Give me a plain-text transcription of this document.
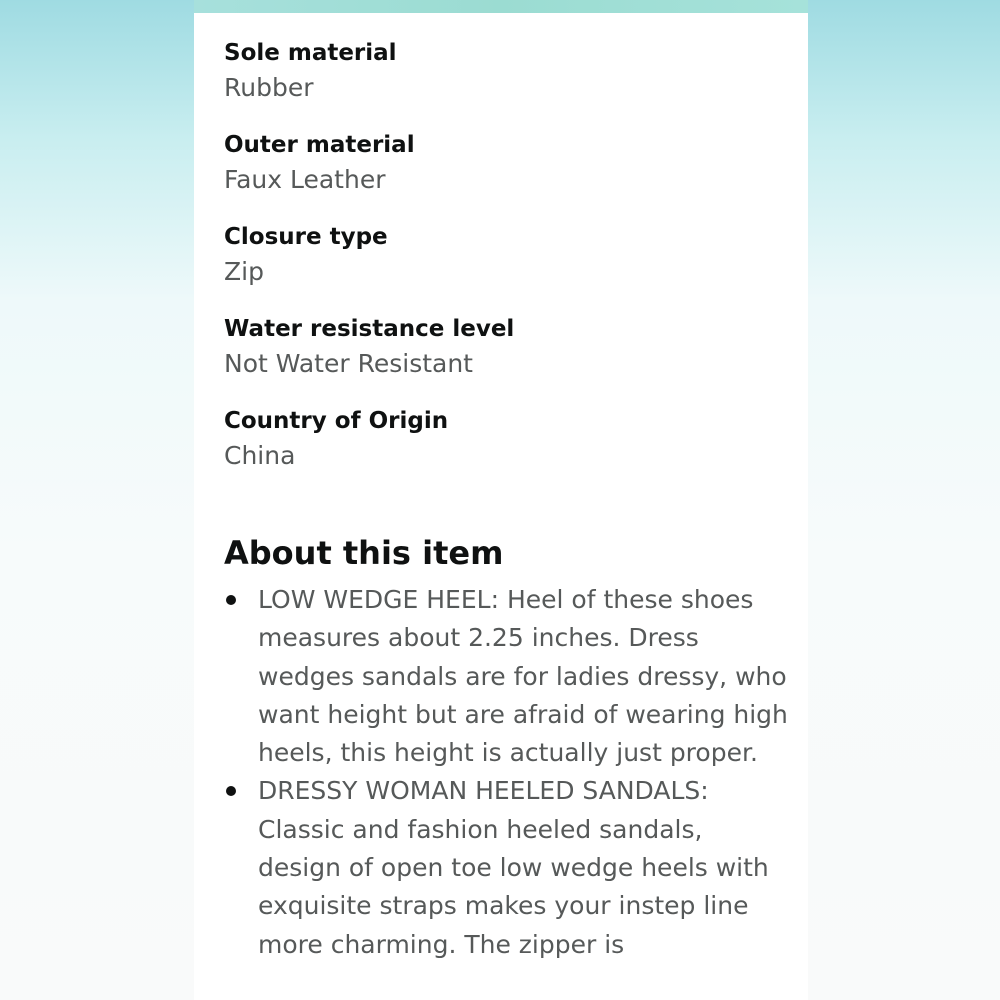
Sole material
Rubber
Outer material
Faux Leather
Closure type
Zip
Water resistance level
Not Water Resistant
Country of Origin
China
About this item
LOW WEDGE HEEL: Heel of these shoes measures about 2.25 inches. Dress wedges sandals are for ladies dressy, who want height but are afraid of wearing high heels, this height is actually just proper.
DRESSY WOMAN HEELED SANDALS: Classic and fashion heeled sandals, design of open toe low wedge heels with exquisite straps makes your instep line more charming. The zipper is
